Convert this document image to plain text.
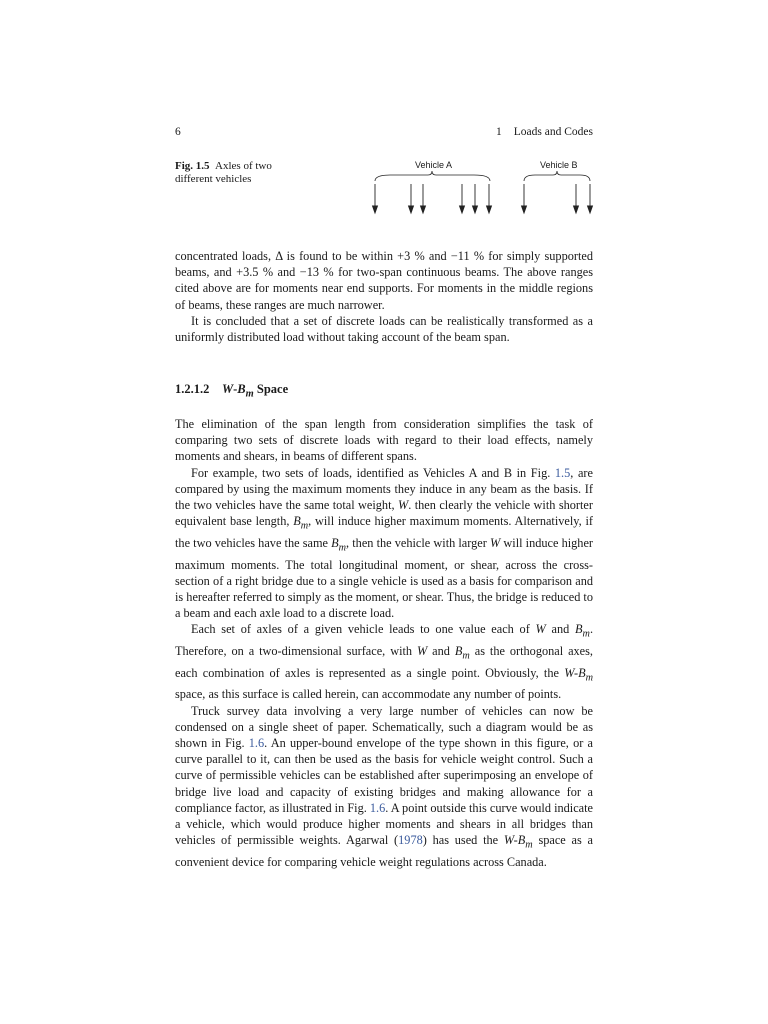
6	1 Loads and Codes
Fig. 1.5 Axles of two different vehicles
Vehicle A	Vehicle B

concentrated loads, Δ is found to be within +3 % and −11 % for simply supported beams, and +3.5 % and −13 % for two-span continuous beams. The above ranges cited above are for moments near end supports. For moments in the middle regions of beams, these ranges are much narrower.

It is concluded that a set of discrete loads can be realistically transformed as a uniformly distributed load without taking account of the beam span.

1.2.1.2 $W-B_m$ Space

The elimination of the span length from consideration simplifies the task of comparing two sets of discrete loads with regard to their load effects, namely moments and shears, in beams of different spans.

For example, two sets of loads, identified as Vehicles A and B in Fig. 1.5, are compared by using the maximum moments they induce in any beam as the basis. If the two vehicles have the same total weight, W. then clearly the vehicle with shorter equivalent base length, $B_m$, will induce higher maximum moments. Alternatively, if the two vehicles have the same $B_m$, then the vehicle with larger W will induce higher maximum moments. The total longitudinal moment, or shear, across the cross-section of a right bridge due to a single vehicle is used as a basis for comparison and is hereafter referred to simply as the moment, or shear. Thus, the bridge is reduced to a beam and each axle load to a discrete load.

Each set of axles of a given vehicle leads to one value each of W and $B_m$. Therefore, on a two-dimensional surface, with W and $B_m$ as the orthogonal axes, each combination of axles is represented as a single point. Obviously, the $W-B_m$ space, as this surface is called herein, can accommodate any number of points.

Truck survey data involving a very large number of vehicles can now be condensed on a single sheet of paper. Schematically, such a diagram would be as shown in Fig. 1.6. An upper-bound envelope of the type shown in this figure, or a curve parallel to it, can then be used as the basis for vehicle weight control. Such a curve of permissible vehicles can be established after superimposing an envelope of bridge live load and capacity of existing bridges and making allowance for a compliance factor, as illustrated in Fig. 1.6. A point outside this curve would indicate a vehicle, which would produce higher moments and shears in all bridges than vehicles of permissible weights. Agarwal (1978) has used the $W-B_m$ space as a convenient device for comparing vehicle weight regulations across Canada.
